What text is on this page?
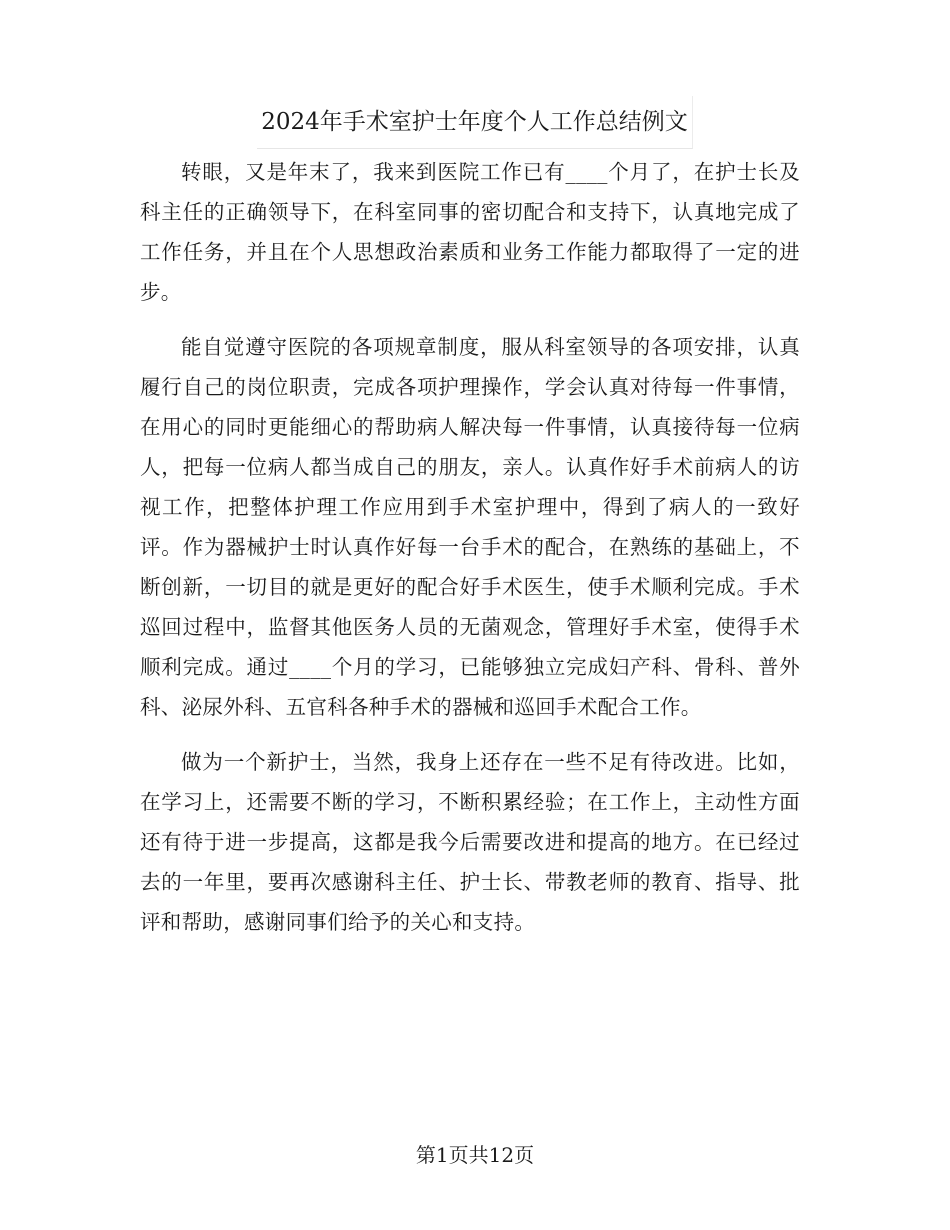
2024年手术室护士年度个人工作总结例文

转眼，又是年末了，我来到医院工作已有____个月了，在护士长及科主任的正确领导下，在科室同事的密切配合和支持下，认真地完成了工作任务，并且在个人思想政治素质和业务工作能力都取得了一定的进步。

能自觉遵守医院的各项规章制度，服从科室领导的各项安排，认真履行自己的岗位职责，完成各项护理操作，学会认真对待每一件事情，在用心的同时更能细心的帮助病人解决每一件事情，认真接待每一位病人，把每一位病人都当成自己的朋友，亲人。认真作好手术前病人的访视工作，把整体护理工作应用到手术室护理中，得到了病人的一致好评。作为器械护士时认真作好每一台手术的配合，在熟练的基础上，不断创新，一切目的就是更好的配合好手术医生，使手术顺利完成。手术巡回过程中，监督其他医务人员的无菌观念，管理好手术室，使得手术顺利完成。通过____个月的学习，已能够独立完成妇产科、骨科、普外科、泌尿外科、五官科各种手术的器械和巡回手术配合工作。

做为一个新护士，当然，我身上还存在一些不足有待改进。比如，在学习上，还需要不断的学习，不断积累经验；在工作上，主动性方面还有待于进一步提高，这都是我今后需要改进和提高的地方。在已经过去的一年里，要再次感谢科主任、护士长、带教老师的教育、指导、批评和帮助，感谢同事们给予的关心和支持。

第1页共12页
